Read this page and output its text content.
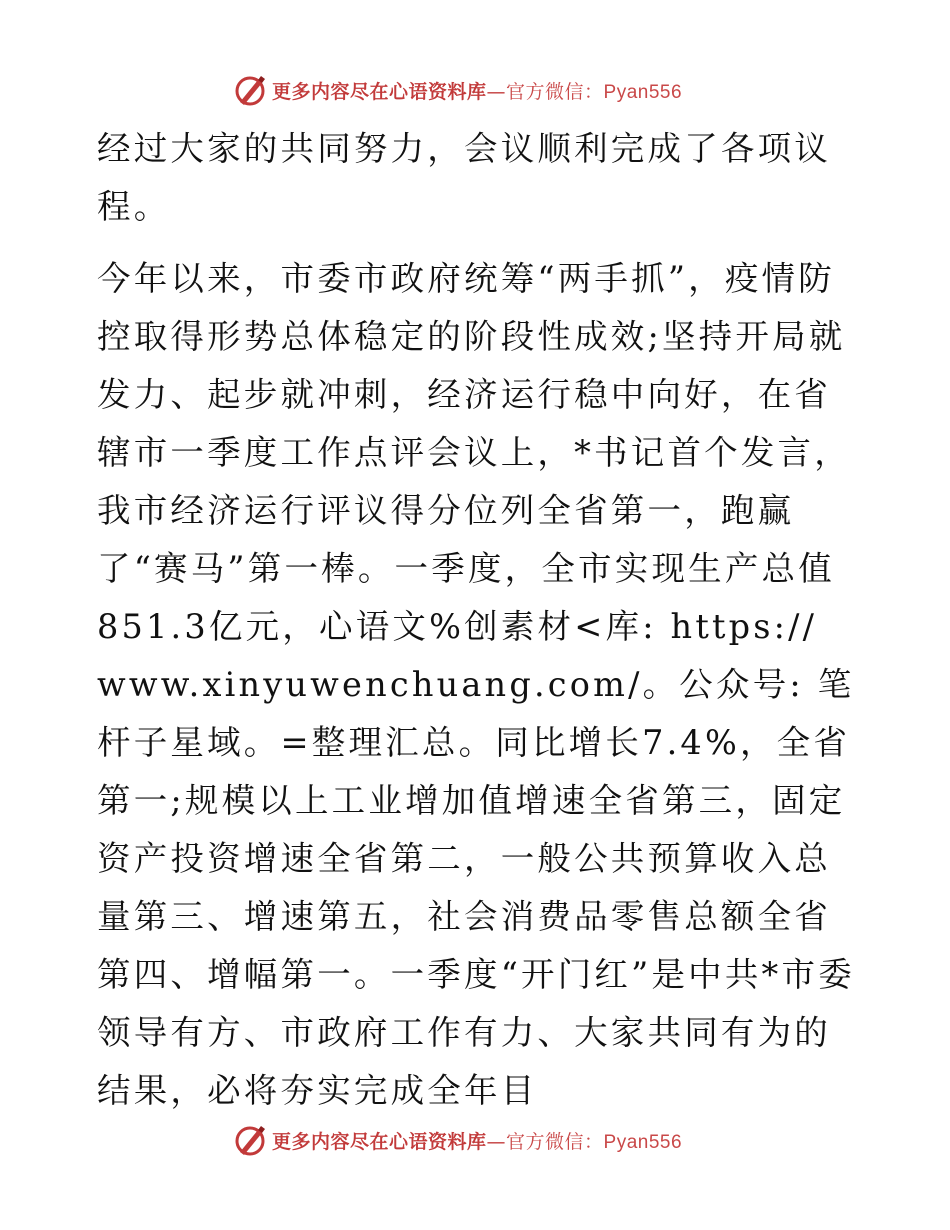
更多内容尽在心语资料库—官方微信：Pyan556

经过大家的共同努力，会议顺利完成了各项议程。

今年以来，市委市政府统筹“两手抓”，疫情防控取得形势总体稳定的阶段性成效;坚持开局就发力、起步就冲刺，经济运行稳中向好，在省辖市一季度工作点评会议上，*书记首个发言，我市经济运行评议得分位列全省第一，跑赢了“赛马”第一棒。一季度，全市实现生产总值851.3亿元，心语文%创素材<库: https://
www.xinyuwenchuang.com/。公众号: 笔杆子星域。=整理汇总。同比增长7.4%，全省第一;规模以上工业增加值增速全省第三，固定资产投资增速全省第二，一般公共预算收入总量第三、增速第五，社会消费品零售总额全省第四、增幅第一。一季度“开门红”是中共*市委领导有方、市政府工作有力、大家共同有为的结果，必将夯实完成全年目

更多内容尽在心语资料库—官方微信：Pyan556
